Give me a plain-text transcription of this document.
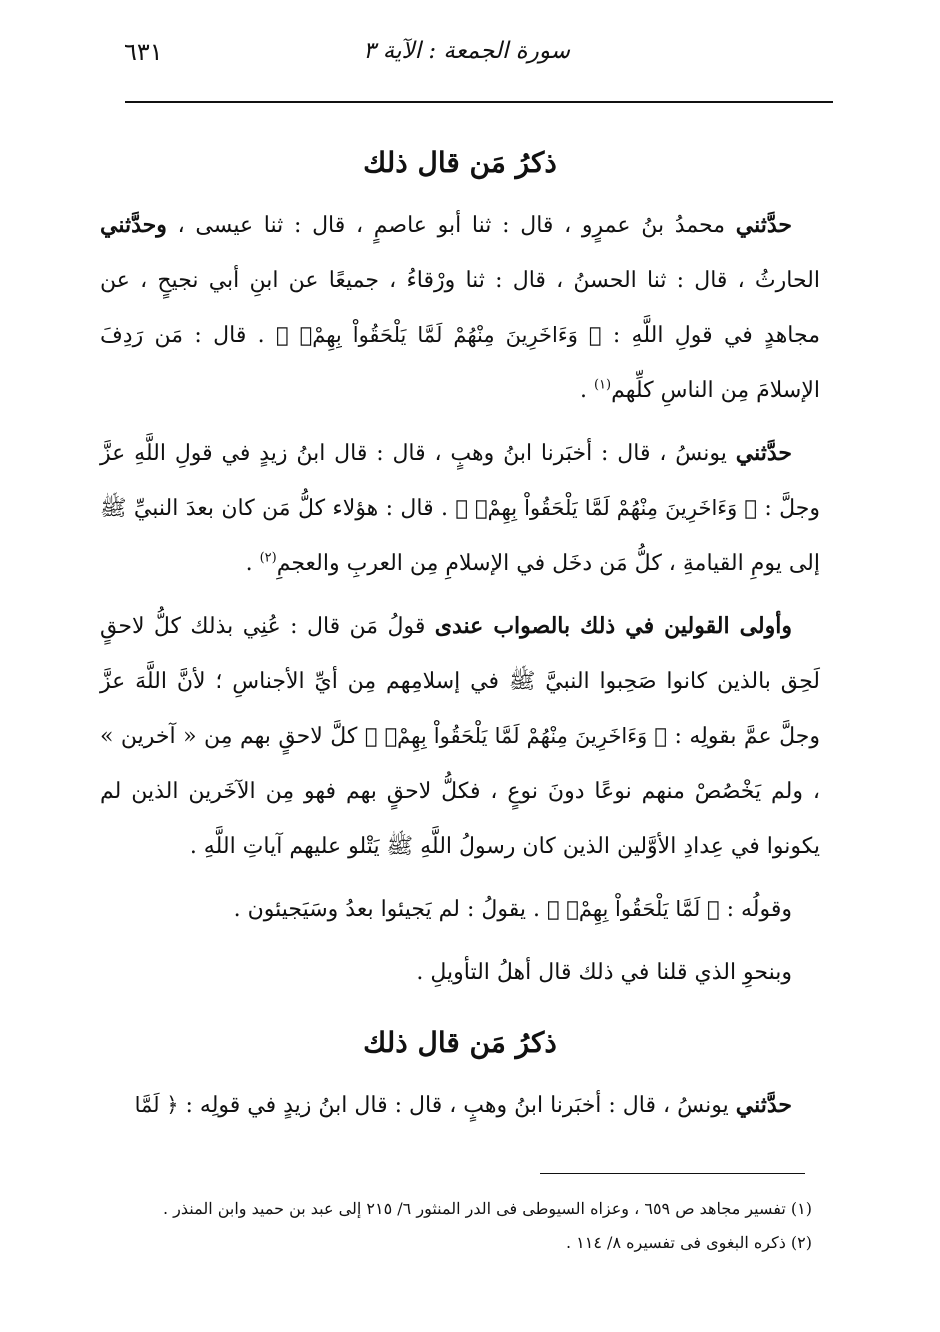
٦٣١	سورة الجمعة : الآية ٣

ذكرُ مَن قال ذلك

حدَّثني محمدُ بنُ عمرٍو ، قال : ثنا أبو عاصمٍ ، قال : ثنا عيسى ، وحدَّثني الحارثُ ، قال : ثنا الحسنُ ، قال : ثنا ورْقاءُ ، جميعًا عن ابنِ أبي نجيحٍ ، عن مجاهدٍ في قولِ اللَّهِ : ﴿ وَءَاخَرِينَ مِنْهُمْ لَمَّا يَلْحَقُواْ بِهِمْۚ ﴾ . قال : مَن رَدِفَ الإسلامَ مِن الناسِ كلِّهم$^{(١)}$ .

حدَّثني يونسُ ، قال : أخبَرنا ابنُ وهبٍ ، قال : قال ابنُ زيدٍ في قولِ اللَّهِ عزَّ وجلَّ : ﴿ وَءَاخَرِينَ مِنْهُمْ لَمَّا يَلْحَقُواْ بِهِمْۚ ﴾ . قال : هؤلاء كلُّ مَن كان بعدَ النبيِّ ﷺ إلى يومِ القيامةِ ، كلُّ مَن دخَل في الإسلامِ مِن العربِ والعجمِ$^{(٢)}$ .

وأولى القولين في ذلك بالصواب عندى قولُ مَن قال : عُنِي بذلك كلُّ لاحقٍ لَحِق بالذين كانوا صَحِبوا النبيَّ ﷺ في إسلامِهم مِن أيِّ الأجناسِ ؛ لأنَّ اللَّهَ عزَّ وجلَّ عمَّ بقولِه : ﴿ وَءَاخَرِينَ مِنْهُمْ لَمَّا يَلْحَقُواْ بِهِمْۚ ﴾ كلَّ لاحقٍ بهم مِن « آخرين » ، ولم يَخْصُصْ منهم نوعًا دونَ نوعٍ ، فكلُّ لاحقٍ بهم فهو مِن الآخَرين الذين لم يكونوا في عِدادِ الأوَّلين الذين كان رسولُ اللَّهِ ﷺ يَتْلو عليهم آياتِ اللَّهِ .

وقولُه : ﴿ لَمَّا يَلْحَقُواْ بِهِمْۚ ﴾ . يقولُ : لم يَجيئوا بعدُ وسَيَجيئون .

وبنحوِ الذي قلنا في ذلك قال أهلُ التأويلِ .

ذكرُ مَن قال ذلك

حدَّثني يونسُ ، قال : أخبَرنا ابنُ وهبٍ ، قال : قال ابنُ زيدٍ في قولِه : ﴿ لَمَّا

(١) تفسير مجاهد ص ٦٥٩ ، وعزاه السيوطى فى الدر المنثور ٦/ ٢١٥ إلى عبد بن حميد وابن المنذر .

(٢) ذكره البغوى فى تفسيره ٨/ ١١٤ .
